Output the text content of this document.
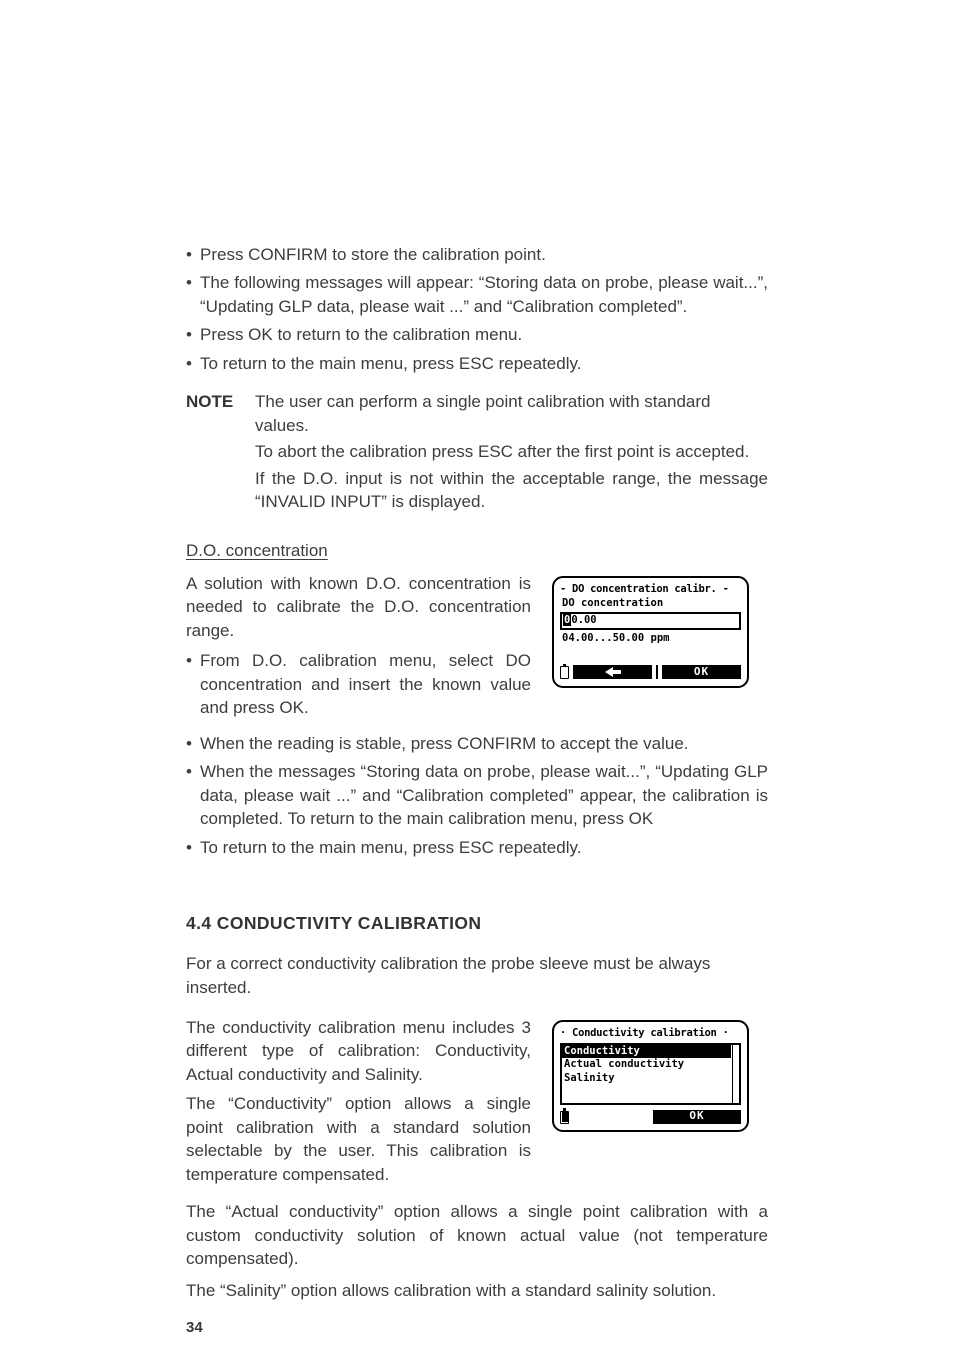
• Press CONFIRM to store the calibration point.
• The following messages will appear: “Storing data on probe, please wait...”, “Updating GLP data, please wait ...” and “Calibration completed”.
• Press OK to return to the calibration menu.
• To return to the main menu, press ESC repeatedly.
NOTE	The user can perform a single point calibration with standard values.

To abort the calibration press ESC after the first point is accepted.

If the D.O. input is not within the acceptable range, the message “INVALID INPUT” is displayed.

D.O. concentration

A solution with known D.O. concentration is needed to calibrate the D.O. concentration range.

• From D.O. calibration menu, select DO concentration and insert the known value and press OK.
- DO concentration calibr. -
DO concentration
00.00
04.00...50.00 ppm
OK
• When the reading is stable, press CONFIRM to accept the value.
• When the messages “Storing data on probe, please wait...”, “Updating GLP data, please wait ...” and “Calibration completed” appear, the calibration is completed. To return to the main calibration menu, press OK
• To return to the main menu, press ESC repeatedly.
4.4 CONDUCTIVITY CALIBRATION

For a correct conductivity calibration the probe sleeve must be always inserted.

The conductivity calibration menu includes 3 different type of calibration: Conductivity, Actual conductivity and Salinity.

The “Conductivity” option allows a single point calibration with a standard solution selectable by the user. This calibration is temperature compensated.

· Conductivity calibration ·
Conductivity
Actual conductivity
Salinity
OK

The “Actual conductivity” option allows a single point calibration with a custom conductivity solution of known actual value (not temperature compensated).

The “Salinity” option allows calibration with a standard salinity solution.

34
